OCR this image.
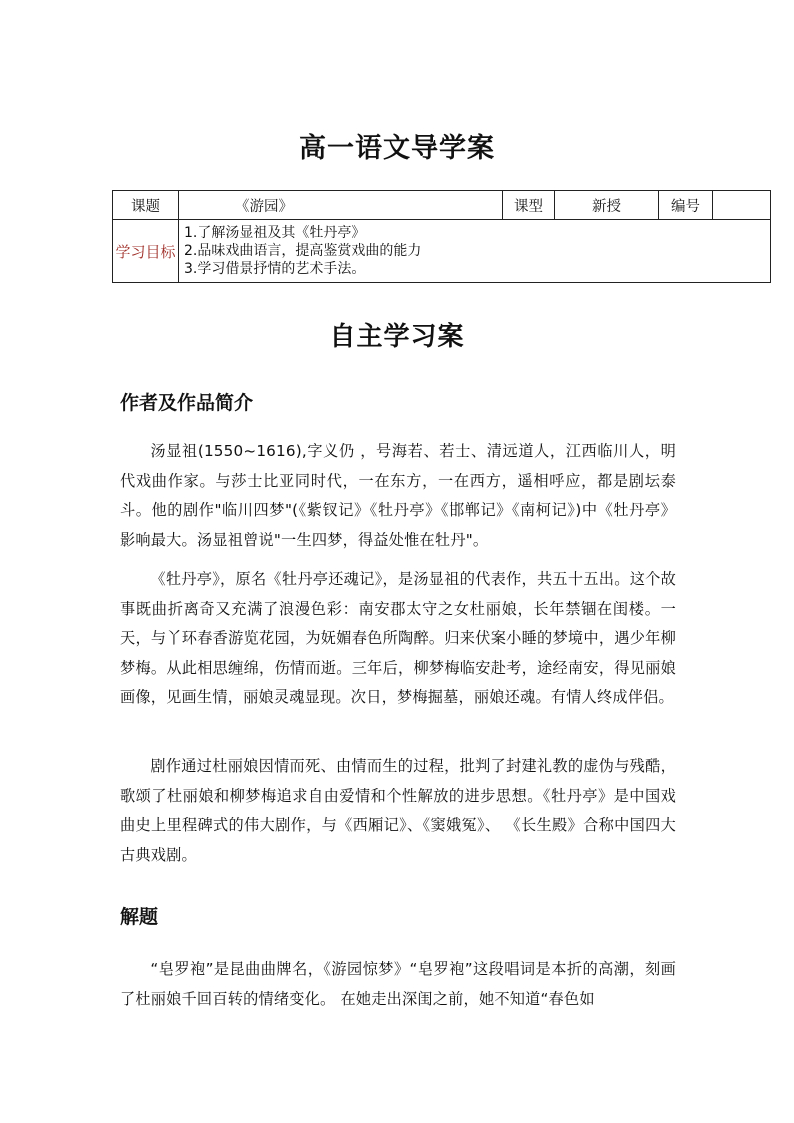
高一语文导学案
课题	《游园》	课型	新授	编号	
学习目标	1.了解汤显祖及其《牡丹亭》
2.品味戏曲语言，提高鉴赏戏曲的能力
3.学习借景抒情的艺术手法。				
自主学习案
作者及作品简介
汤显祖(1550~1616),字义仍 ，号海若、若士、清远道人，江西临川人，明代戏曲作家。与莎士比亚同时代，一在东方，一在西方，遥相呼应，都是剧坛泰斗。他的剧作"临川四梦"(《紫钗记》《牡丹亭》《邯郸记》《南柯记》)中《牡丹亭》影响最大。汤显祖曾说"一生四梦，得益处惟在牡丹"。
《牡丹亭》，原名《牡丹亭还魂记》，是汤显祖的代表作，共五十五出。这个故事既曲折离奇又充满了浪漫色彩：南安郡太守之女杜丽娘，长年禁锢在闺楼。一天，与丫环春香游览花园，为妩媚春色所陶醉。归来伏案小睡的梦境中，遇少年柳梦梅。从此相思缠绵，伤情而逝。三年后，柳梦梅临安赴考，途经南安，得见丽娘画像，见画生情，丽娘灵魂显现。次日，梦梅掘墓，丽娘还魂。有情人终成伴侣。
剧作通过杜丽娘因情而死、由情而生的过程，批判了封建礼教的虚伪与残酷，歌颂了杜丽娘和柳梦梅追求自由爱情和个性解放的进步思想。《牡丹亭》是中国戏曲史上里程碑式的伟大剧作，与《西厢记》、《窦娥冤》、 《长生殿》合称中国四大古典戏剧。
解题
“皂罗袍”是昆曲曲牌名，《游园惊梦》“皂罗袍”这段唱词是本折的高潮，刻画了杜丽娘千回百转的情绪变化。 在她走出深闺之前，她不知道“春色如
